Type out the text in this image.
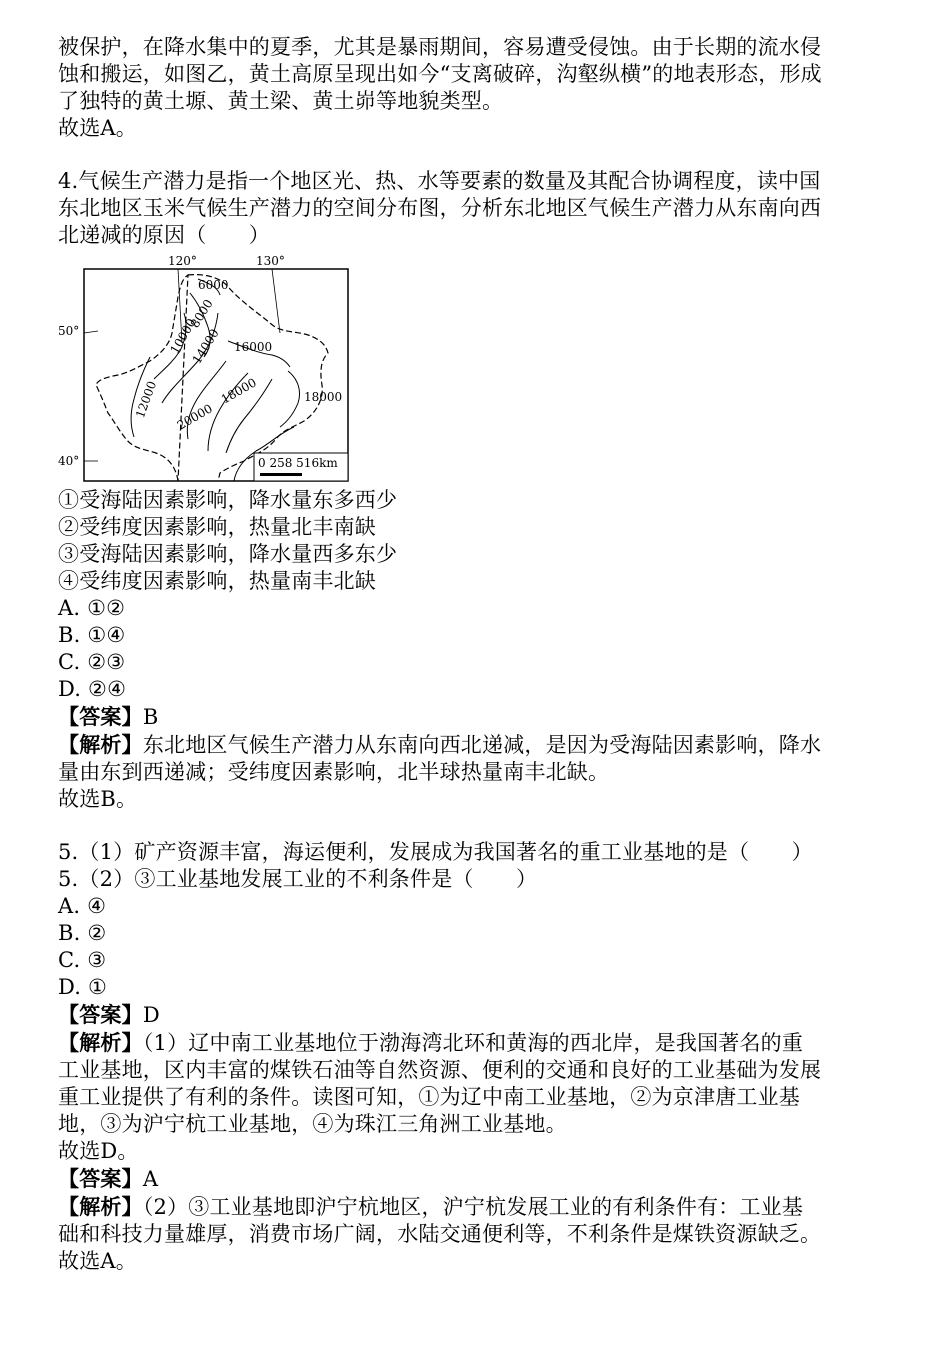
被保护，在降水集中的夏季，尤其是暴雨期间，容易遭受侵蚀。由于长期的流水侵
蚀和搬运，如图乙，黄土高原呈现出如今“支离破碎，沟壑纵横”的地表形态，形成
了独特的黄土塬、黄土梁、黄土峁等地貌类型。
故选A。
4.气候生产潜力是指一个地区光、热、水等要素的数量及其配合协调程度，读中国
东北地区玉米气候生产潜力的空间分布图，分析东北地区气候生产潜力从东南向西
北递减的原因（　　）
120°	130°
50°
40°
6000
8000
10000
14000 16000
12000	18000
20000
18000
0 258 516km
①受海陆因素影响，降水量东多西少
②受纬度因素影响，热量北丰南缺
③受海陆因素影响，降水量西多东少
④受纬度因素影响，热量南丰北缺
A. ①②
B. ①④
C. ②③
D. ②④
【答案】B
【解析】东北地区气候生产潜力从东南向西北递减，是因为受海陆因素影响，降水
量由东到西递减；受纬度因素影响，北半球热量南丰北缺。
故选B。
5.（1）矿产资源丰富，海运便利，发展成为我国著名的重工业基地的是（　　）
5.（2）③工业基地发展工业的不利条件是（　　）
A. ④
B. ②
C. ③
D. ①
【答案】D
【解析】（1）辽中南工业基地位于渤海湾北环和黄海的西北岸，是我国著名的重
工业基地，区内丰富的煤铁石油等自然资源、便利的交通和良好的工业基础为发展
重工业提供了有利的条件。读图可知，①为辽中南工业基地，②为京津唐工业基
地，③为沪宁杭工业基地，④为珠江三角洲工业基地。
故选D。
【答案】A
【解析】（2）③工业基地即沪宁杭地区，沪宁杭发展工业的有利条件有：工业基
础和科技力量雄厚，消费市场广阔，水陆交通便利等，不利条件是煤铁资源缺乏。
故选A。
